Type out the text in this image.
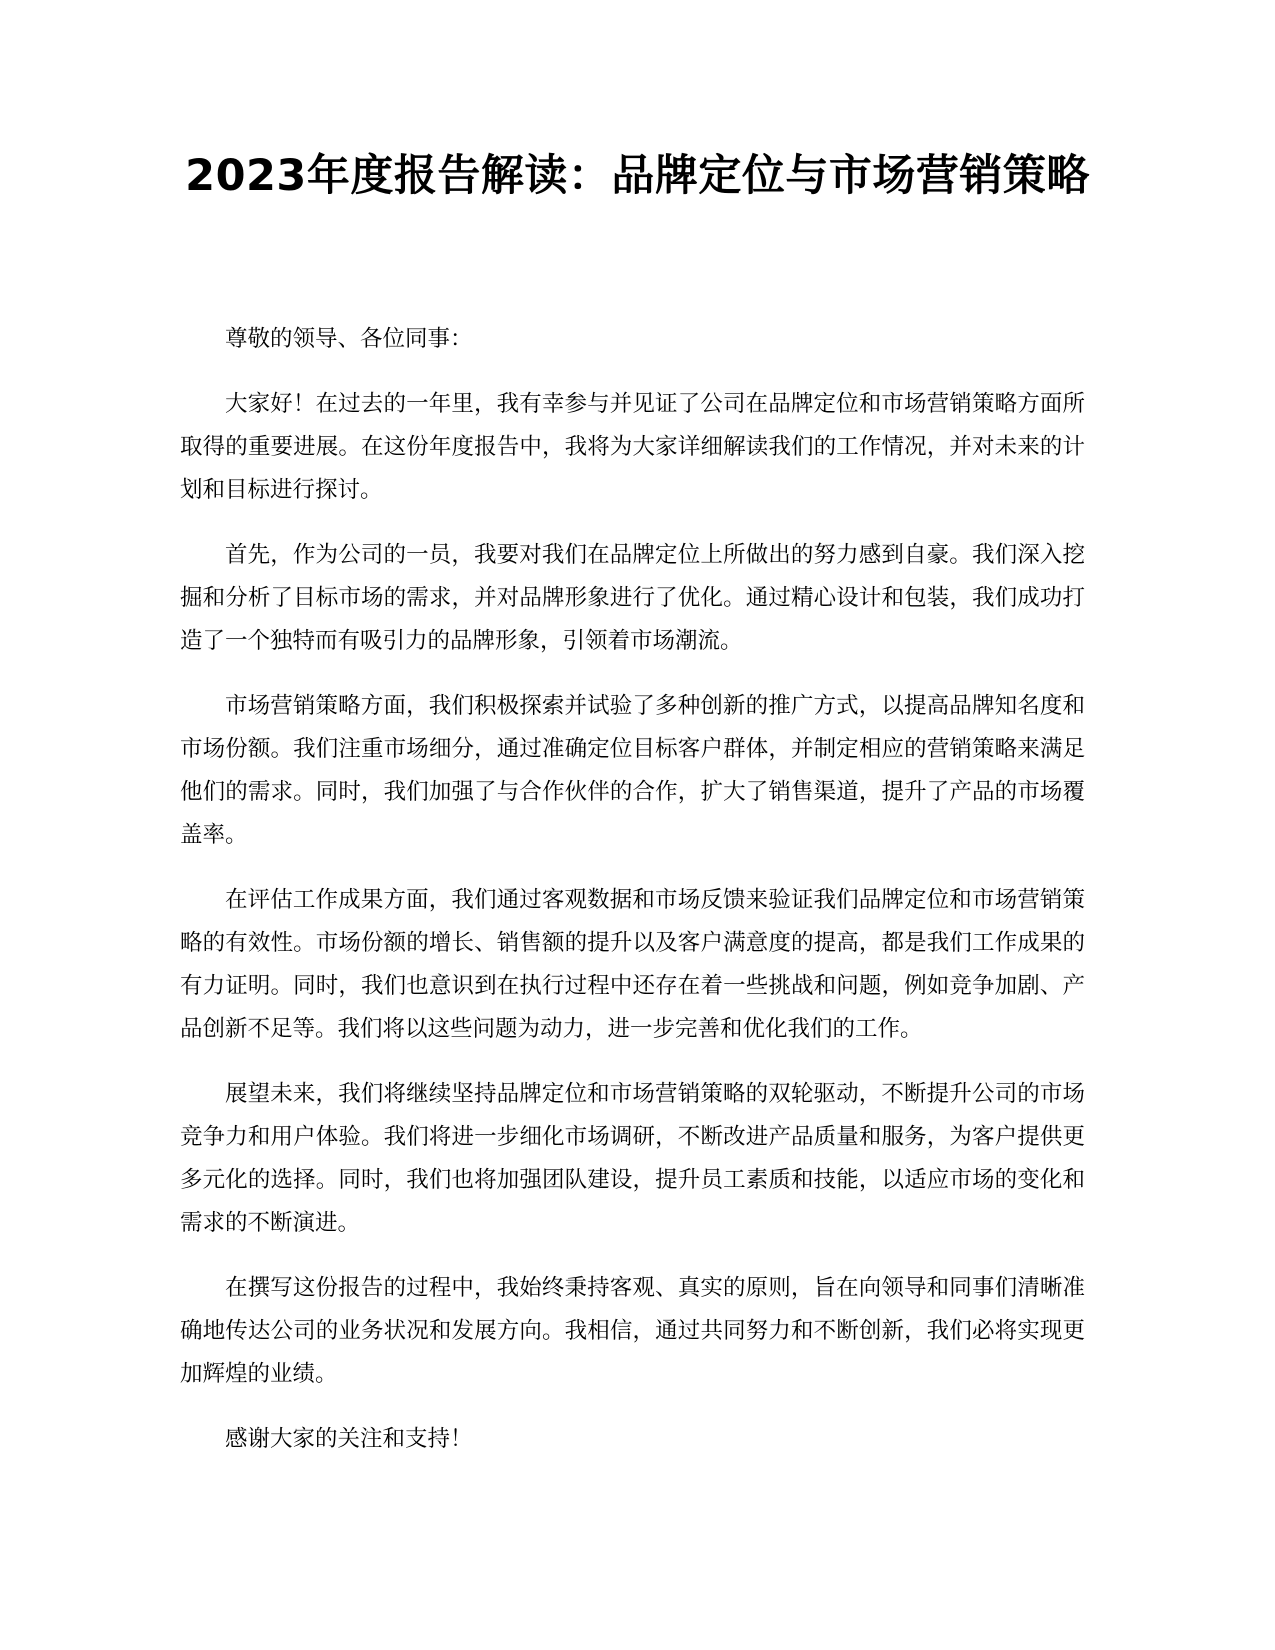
2023年度报告解读：品牌定位与市场营销策略

尊敬的领导、各位同事：

大家好！在过去的一年里，我有幸参与并见证了公司在品牌定位和市场营销策略方面所取得的重要进展。在这份年度报告中，我将为大家详细解读我们的工作情况，并对未来的计划和目标进行探讨。

首先，作为公司的一员，我要对我们在品牌定位上所做出的努力感到自豪。我们深入挖掘和分析了目标市场的需求，并对品牌形象进行了优化。通过精心设计和包装，我们成功打造了一个独特而有吸引力的品牌形象，引领着市场潮流。

市场营销策略方面，我们积极探索并试验了多种创新的推广方式，以提高品牌知名度和市场份额。我们注重市场细分，通过准确定位目标客户群体，并制定相应的营销策略来满足他们的需求。同时，我们加强了与合作伙伴的合作，扩大了销售渠道，提升了产品的市场覆盖率。

在评估工作成果方面，我们通过客观数据和市场反馈来验证我们品牌定位和市场营销策略的有效性。市场份额的增长、销售额的提升以及客户满意度的提高，都是我们工作成果的有力证明。同时，我们也意识到在执行过程中还存在着一些挑战和问题，例如竞争加剧、产品创新不足等。我们将以这些问题为动力，进一步完善和优化我们的工作。

展望未来，我们将继续坚持品牌定位和市场营销策略的双轮驱动，不断提升公司的市场竞争力和用户体验。我们将进一步细化市场调研，不断改进产品质量和服务，为客户提供更多元化的选择。同时，我们也将加强团队建设，提升员工素质和技能，以适应市场的变化和需求的不断演进。

在撰写这份报告的过程中，我始终秉持客观、真实的原则，旨在向领导和同事们清晰准确地传达公司的业务状况和发展方向。我相信，通过共同努力和不断创新，我们必将实现更加辉煌的业绩。

感谢大家的关注和支持！
